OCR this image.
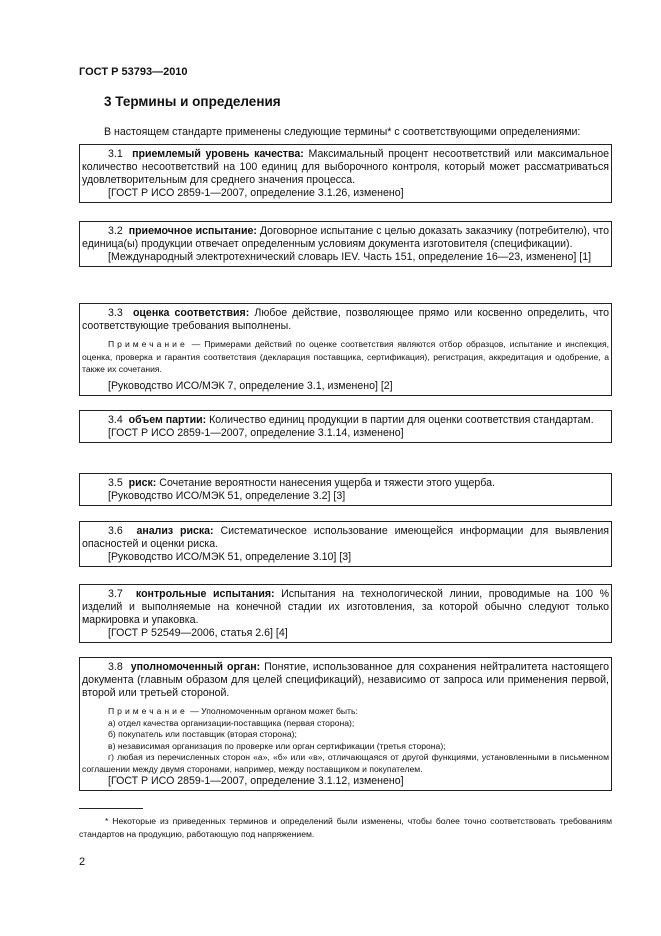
ГОСТ Р 53793—2010
3 Термины и определения
В настоящем стандарте применены следующие термины* с соответствующими определениями:

3.1 приемлемый уровень качества: Максимальный процент несоответствий или максимальное количество несоответствий на 100 единиц для выборочного контроля, который может рассматриваться удовлетворительным для среднего значения процесса.

[ГОСТ Р ИСО 2859-1—2007, определение 3.1.26, изменено]

3.2 приемочное испытание: Договорное испытание с целью доказать заказчику (потребителю), что единица(ы) продукции отвечает определенным условиям документа изготовителя (спецификации).

[Международный электротехнический словарь IEV. Часть 151, определение 16—23, изменено] [1]

3.3 оценка соответствия: Любое действие, позволяющее прямо или косвенно определить, что соответствующие требования выполнены.

Примечание — Примерами действий по оценке соответствия являются отбор образцов, испытание и инспекция, оценка, проверка и гарантия соответствия (декларация поставщика, сертификация), регистрация, аккредитация и одобрение, а также их сочетания.

[Руководство ИСО/МЭК 7, определение 3.1, изменено] [2]

3.4 объем партии: Количество единиц продукции в партии для оценки соответствия стандартам.

[ГОСТ Р ИСО 2859-1—2007, определение 3.1.14, изменено]

3.5 риск: Сочетание вероятности нанесения ущерба и тяжести этого ущерба.

[Руководство ИСО/МЭК 51, определение 3.2] [3]

3.6 анализ риска: Систематическое использование имеющейся информации для выявления опасностей и оценки риска.

[Руководство ИСО/МЭК 51, определение 3.10] [3]

3.7 контрольные испытания: Испытания на технологической линии, проводимые на 100 % изделий и выполняемые на конечной стадии их изготовления, за которой обычно следуют только маркировка и упаковка.

[ГОСТ Р 52549—2006, статья 2.6] [4]

3.8 уполномоченный орган: Понятие, использованное для сохранения нейтралитета настоящего документа (главным образом для целей спецификаций), независимо от запроса или применения первой, второй или третьей стороной.

Примечание — Уполномоченным органом может быть:

а) отдел качества организации-поставщика (первая сторона);

б) покупатель или поставщик (вторая сторона);

в) независимая организация по проверке или орган сертификации (третья сторона);

г) любая из перечисленных сторон «а», «б» или «в», отличающаяся от другой функциями, установленными в письменном соглашении между двумя сторонами, например, между поставщиком и покупателем.

[ГОСТ Р ИСО 2859-1—2007, определение 3.1.12, изменено]

* Некоторые из приведенных терминов и определений были изменены, чтобы более точно соответствовать требованиям стандартов на продукцию, работающую под напряжением.
2
